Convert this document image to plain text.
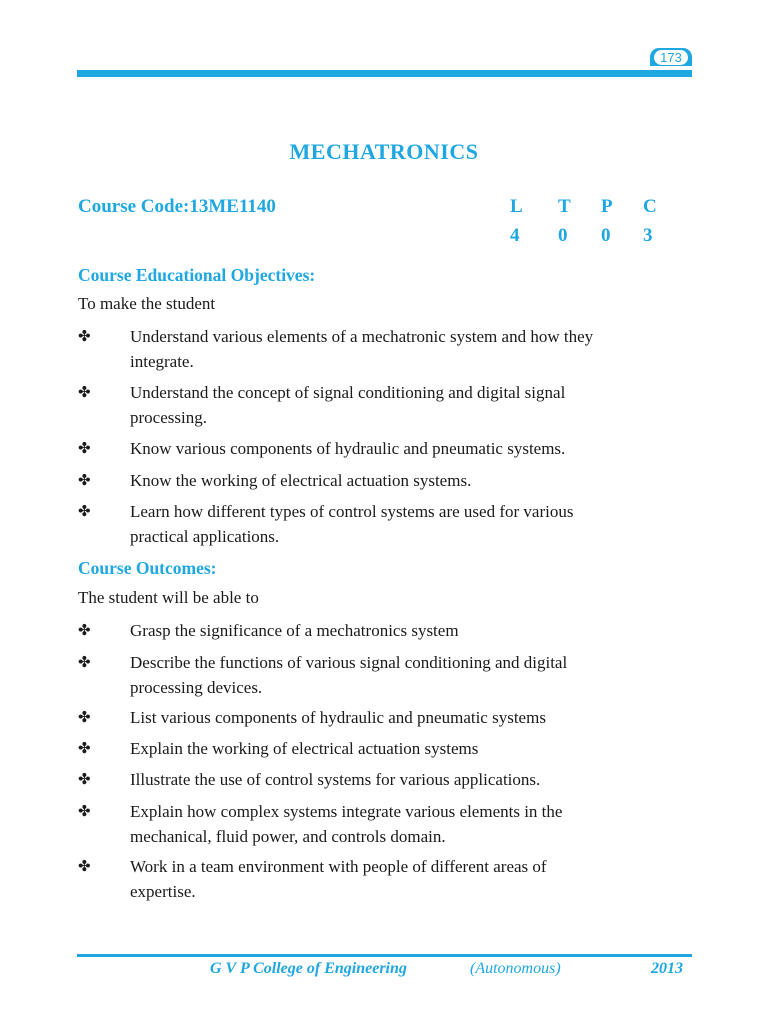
173
MECHATRONICS
Course Code:13ME1140	L T P C
4 0 0 3
Course Educational Objectives:
To make the student
✤ Understand various elements of a mechatronic system and how they
integrate.
✤ Understand the concept of signal conditioning and digital signal
processing.
✤ Know various components of hydraulic and pneumatic systems.
✤ Know the working of electrical actuation systems.
✤ Learn how different types of control systems are used for various
practical applications.
Course Outcomes:
The student will be able to
✤ Grasp the significance of a mechatronics system
✤ Describe the functions of various signal conditioning and digital
processing devices.
✤ List various components of hydraulic and pneumatic systems
✤ Explain the working of electrical actuation systems
✤ Illustrate the use of control systems for various applications.
✤ Explain how complex systems integrate various elements in the
mechanical, fluid power, and controls domain.
✤ Work in a team environment with people of different areas of
expertise.
G V P College of Engineering	(Autonomous)	2013
